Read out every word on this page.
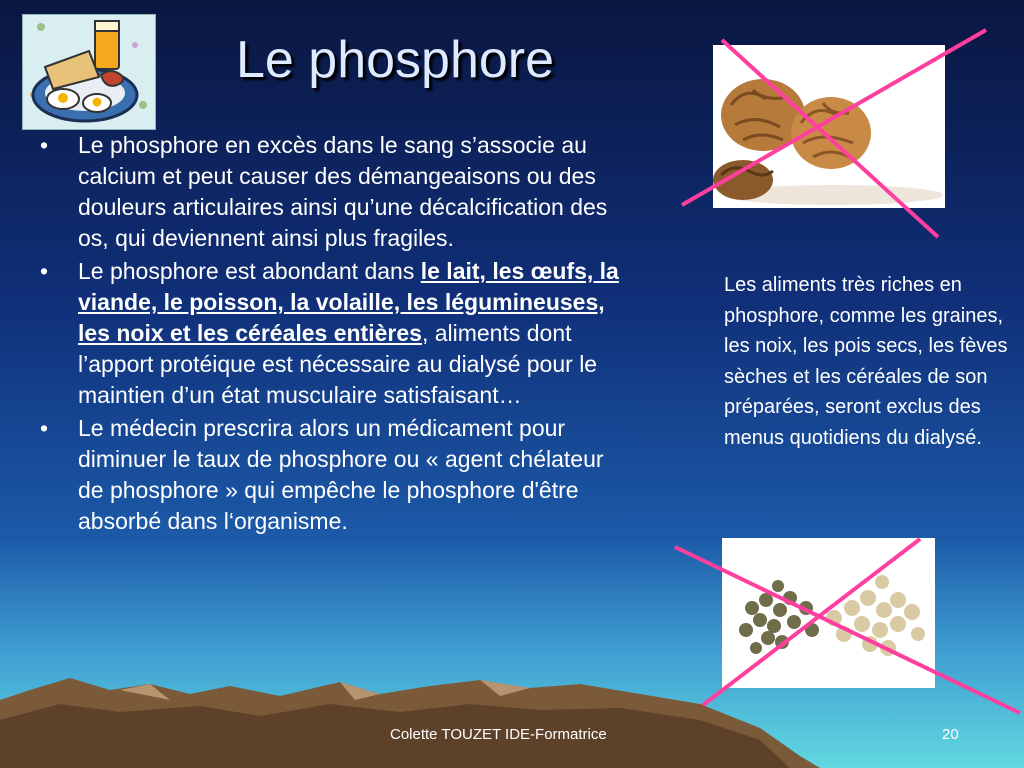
Le phosphore
• Le phosphore en excès dans le sang s’associe au calcium et peut causer des démangeaisons ou des douleurs articulaires ainsi qu’une décalcification des os, qui deviennent ainsi plus fragiles.
• Le phosphore est abondant dans le lait, les œufs, la viande, le poisson, la volaille, les légumineuses, les noix et les céréales entières, aliments dont l’apport protéique est nécessaire au dialysé pour le maintien d’un état musculaire satisfaisant…
• Le médecin prescrira alors un médicament pour diminuer le taux de phosphore ou « agent chélateur de phosphore » qui empêche le phosphore d'être absorbé dans l‘organisme.
Les aliments très riches en phosphore, comme les graines, les noix, les pois secs, les fèves sèches et les céréales de son préparées, seront exclus des menus quotidiens du dialysé.
Colette TOUZET IDE-Formatrice	20
